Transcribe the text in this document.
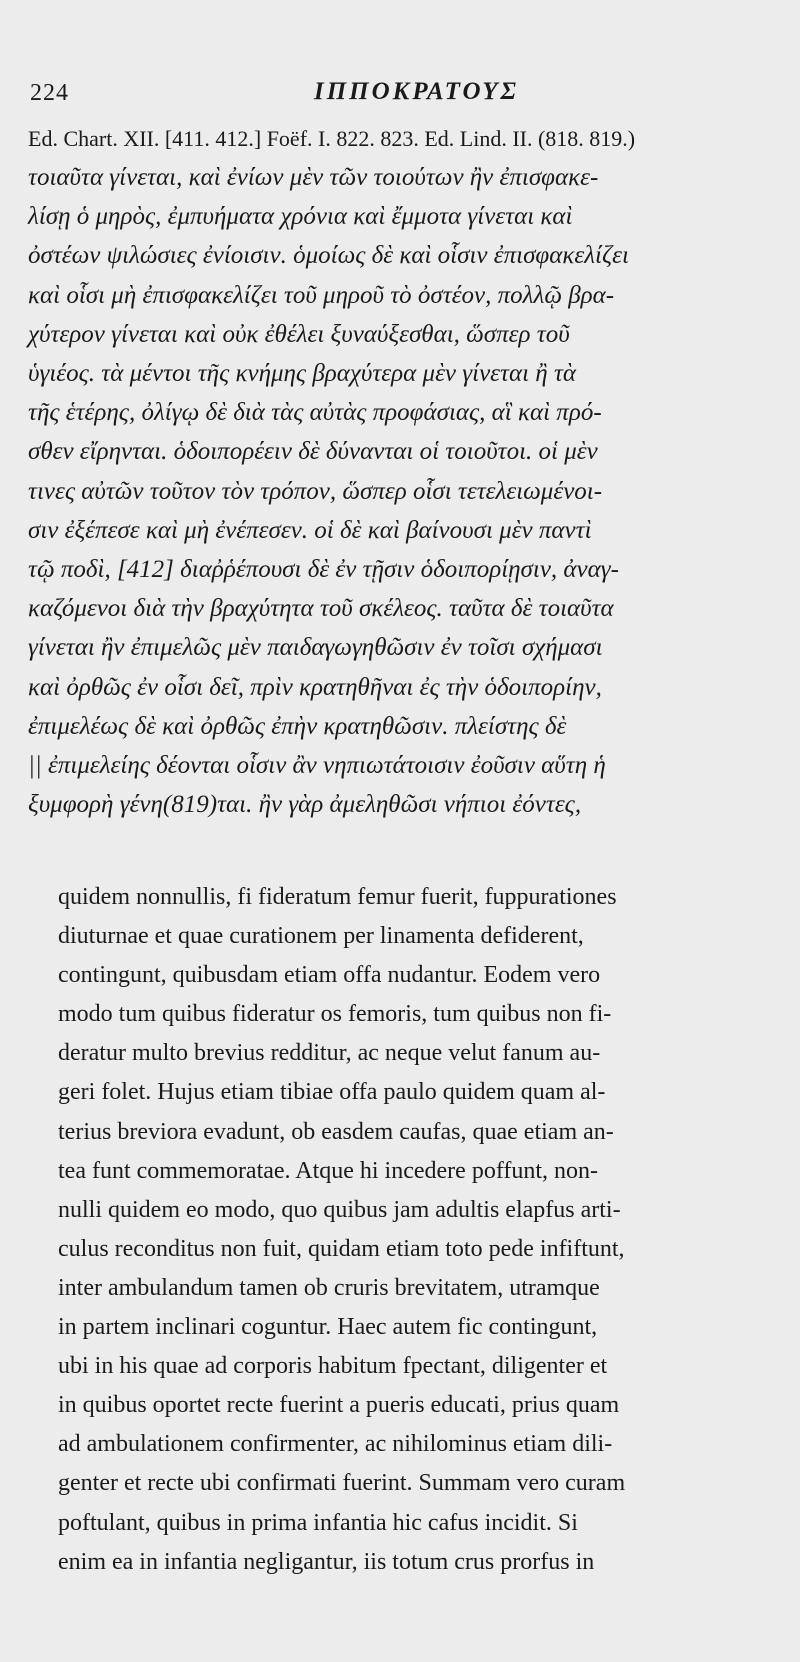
224	ΙΠΠΟΚΡΑΤΟΥΣ
Ed. Chart. XII. [411. 412.] Foëf. I. 822. 823. Ed. Lind. II. (818. 819.)
τοιαῦτα γίνεται, καὶ ἐνίων μὲν τῶν τοιούτων ἢν ἐπισφακε-
λίσῃ ὁ μηρὸς, ἐμπυήματα χρόνια καὶ ἔμμοτα γίνεται καὶ
ὀστέων ψιλώσιες ἐνίοισιν. ὁμοίως δὲ καὶ οἷσιν ἐπισφακελίζει
καὶ οἷσι μὴ ἐπισφακελίζει τοῦ μηροῦ τὸ ὀστέον, πολλῷ βρα-
χύτερον γίνεται καὶ οὐκ ἐθέλει ξυναύξεσθαι, ὥσπερ τοῦ
ὑγιέος. τὰ μέντοι τῆς κνήμης βραχύτερα μὲν γίνεται ἢ τὰ
τῆς ἑτέρης, ὀλίγῳ δὲ διὰ τὰς αὐτὰς προφάσιας, αἳ καὶ πρό-
σθεν εἴρηνται. ὁδοιπορέειν δὲ δύνανται οἱ τοιοῦτοι. οἱ μὲν
τινες αὐτῶν τοῦτον τὸν τρόπον, ὥσπερ οἷσι τετελειωμένοι-
σιν ἐξέπεσε καὶ μὴ ἐνέπεσεν. οἱ δὲ καὶ βαίνουσι μὲν παντὶ
τῷ ποδὶ, [412] διαῤῥέπουσι δὲ ἐν τῇσιν ὁδοιπορίῃσιν, ἀναγ-
καζόμενοι διὰ τὴν βραχύτητα τοῦ σκέλεος. ταῦτα δὲ τοιαῦτα
γίνεται ἢν ἐπιμελῶς μὲν παιδαγωγηθῶσιν ἐν τοῖσι σχήμασι
καὶ ὀρθῶς ἐν οἷσι δεῖ, πρὶν κρατηθῆναι ἐς τὴν ὁδοιπορίην,
ἐπιμελέως δὲ καὶ ὀρθῶς ἐπὴν κρατηθῶσιν. πλείστης δὲ
|| ἐπιμελείης δέονται οἷσιν ἂν νηπιωτάτοισιν ἐοῦσιν αὕτη ἡ
ξυμφορὴ γένη(819)ται. ἢν γὰρ ἀμεληθῶσι νήπιοι ἐόντες,
quidem nonnullis, fi fideratum femur fuerit, fuppurationes
diuturnae et quae curationem per linamenta defiderent,
contingunt, quibusdam etiam offa nudantur. Eodem vero
modo tum quibus fideratur os femoris, tum quibus non fi-
deratur multo brevius redditur, ac neque velut fanum au-
geri folet. Hujus etiam tibiae offa paulo quidem quam al-
terius breviora evadunt, ob easdem caufas, quae etiam an-
tea funt commemoratae. Atque hi incedere poffunt, non-
nulli quidem eo modo, quo quibus jam adultis elapfus arti-
culus reconditus non fuit, quidam etiam toto pede infiftunt,
inter ambulandum tamen ob cruris brevitatem, utramque
in partem inclinari coguntur. Haec autem fic contingunt,
ubi in his quae ad corporis habitum fpectant, diligenter et
in quibus oportet recte fuerint a pueris educati, prius quam
ad ambulationem confirmenter, ac nihilominus etiam dili-
genter et recte ubi confirmati fuerint. Summam vero curam
poftulant, quibus in prima infantia hic cafus incidit. Si
enim ea in infantia negligantur, iis totum crus prorfus in
